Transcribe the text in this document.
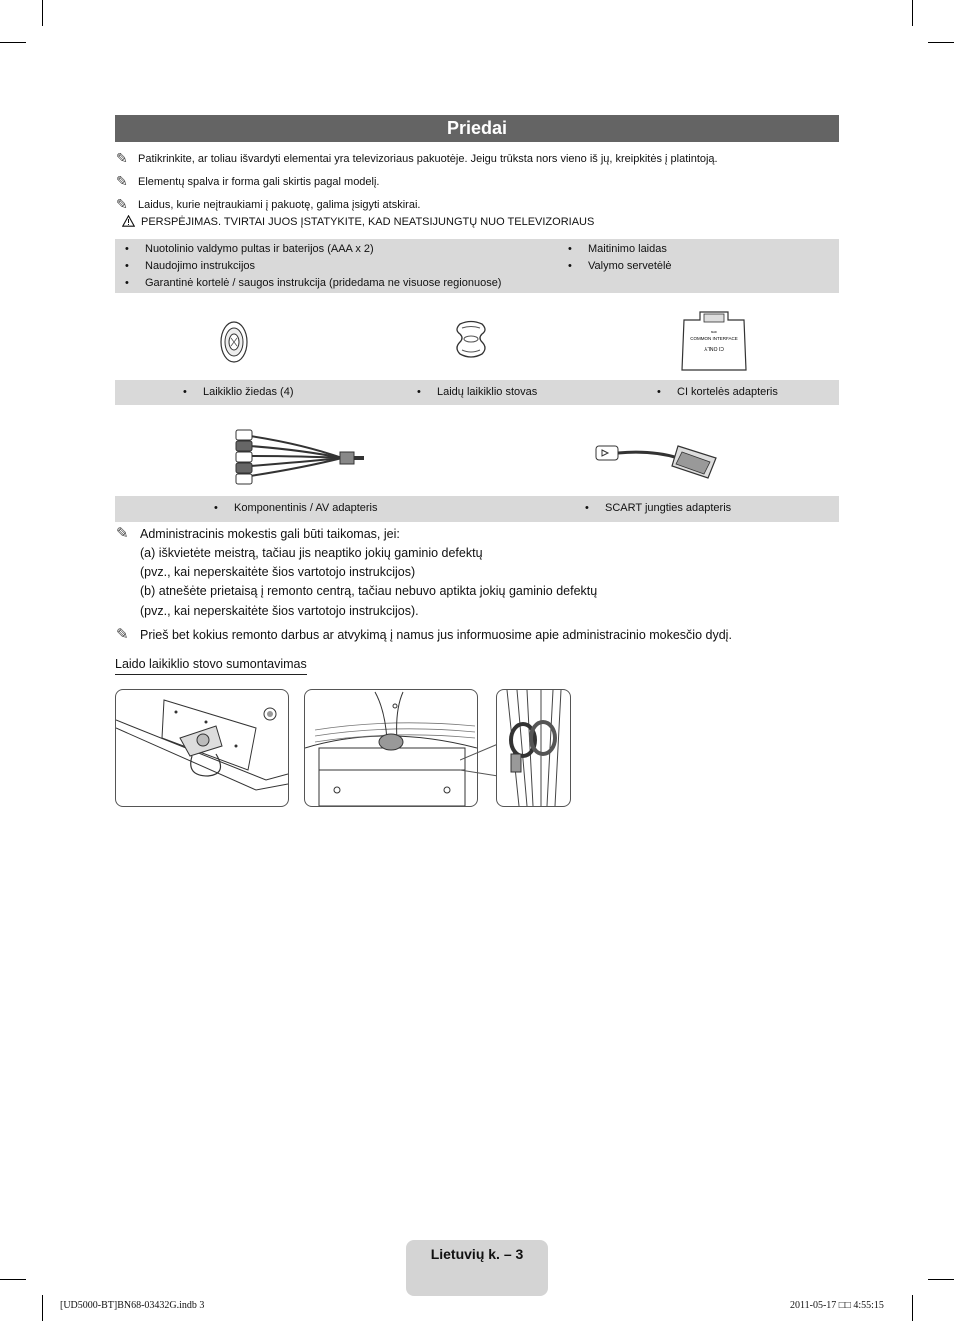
Priedai
✎ Patikrinkite, ar toliau išvardyti elementai yra televizoriaus pakuotėje. Jeigu trūksta nors vieno iš jų, kreipkitės į platintoją.
✎ Elementų spalva ir forma gali skirtis pagal modelį.
✎ Laidus, kurie neįtraukiami į pakuotę, galima įsigyti atskirai.
PERSPĖJIMAS. TVIRTAI JUOS ĮSTATYKITE, KAD NEATSIJUNGTŲ NUO TELEVIZORIAUS
• Nuotolinio valdymo pultas ir baterijos (AAA x 2)
• Naudojimo instrukcijos
• Garantinė kortelė / saugos instrukcija (pridedama ne visuose regionuose)
• Maitinimo laidas
• Valymo servetėlė
ᴹᴬᴰ
COMMON INTERFACE
CI ONLY
• Laikiklio žiedas (4)	• Laidų laikiklio stovas	• CI kortelės adapteris
• Komponentinis / AV adapteris	• SCART jungties adapteris
✎ Administracinis mokestis gali būti taikomas, jei:
(a) iškvietėte meistrą, tačiau jis neaptiko jokių gaminio defektų
(pvz., kai neperskaitėte šios vartotojo instrukcijos)
(b) atnešėte prietaisą į remonto centrą, tačiau nebuvo aptikta jokių gaminio defektų
(pvz., kai neperskaitėte šios vartotojo instrukcijos).
✎ Prieš bet kokius remonto darbus ar atvykimą į namus jus informuosime apie administracinio mokesčio dydį.
Laido laikiklio stovo sumontavimas
Lietuvių k. – 3
[UD5000-BT]BN68-03432G.indb 3	2011-05-17 □□ 4:55:15
